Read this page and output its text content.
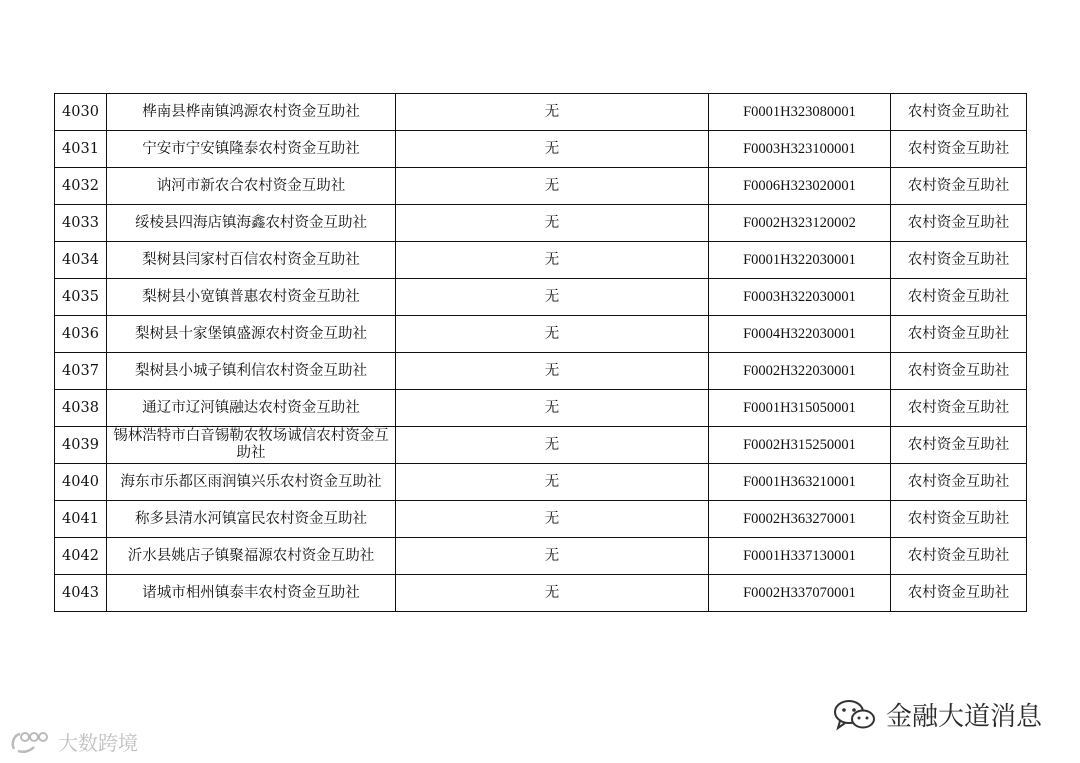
4030	桦南县桦南镇鸿源农村资金互助社	无	F0001H323080001	农村资金互助社
4031	宁安市宁安镇隆泰农村资金互助社	无	F0003H323100001	农村资金互助社
4032	讷河市新农合农村资金互助社	无	F0006H323020001	农村资金互助社
4033	绥棱县四海店镇海鑫农村资金互助社	无	F0002H323120002	农村资金互助社
4034	梨树县闫家村百信农村资金互助社	无	F0001H322030001	农村资金互助社
4035	梨树县小宽镇普惠农村资金互助社	无	F0003H322030001	农村资金互助社
4036	梨树县十家堡镇盛源农村资金互助社	无	F0004H322030001	农村资金互助社
4037	梨树县小城子镇利信农村资金互助社	无	F0002H322030001	农村资金互助社
4038	通辽市辽河镇融达农村资金互助社	无	F0001H315050001	农村资金互助社
4039	锡林浩特市白音锡勒农牧场诚信农村资金互助社	无	F0002H315250001	农村资金互助社
4040	海东市乐都区雨润镇兴乐农村资金互助社	无	F0001H363210001	农村资金互助社
4041	称多县清水河镇富民农村资金互助社	无	F0002H363270001	农村资金互助社
4042	沂水县姚店子镇聚福源农村资金互助社	无	F0001H337130001	农村资金互助社
4043	诸城市相州镇泰丰农村资金互助社	无	F0002H337070001	农村资金互助社
大数跨境
金融大道消息
